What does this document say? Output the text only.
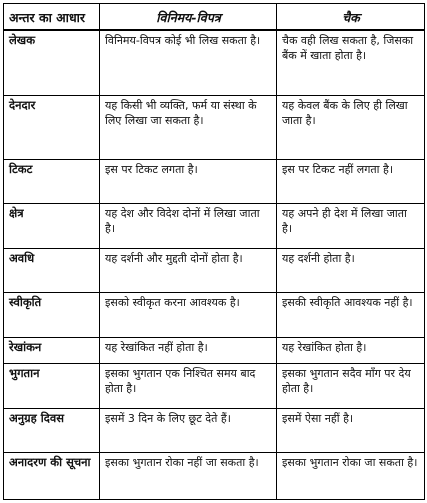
अन्तर का आधार	विनिमय-विपत्र	चैक
लेखक	विनिमय-विपत्र कोई भी लिख सकता है।	चैक वही लिख सकता है, जिसका बैंक में खाता होता है।
देनदार	यह किसी भी व्यक्ति, फर्म या संस्था के लिए लिखा जा सकता है।	यह केवल बैंक के लिए ही लिखा जाता है।
टिकट	इस पर टिकट लगता है।	इस पर टिकट नहीं लगता है।
क्षेत्र	यह देश और विदेश दोनों में लिखा जाता है।	यह अपने ही देश में लिखा जाता है।
अवधि	यह दर्शनी और मुद्दती दोनों होता है।	यह दर्शनी होता है।
स्वीकृति	इसको स्वीकृत करना आवश्यक है।	इसकी स्वीकृति आवश्यक नहीं है।
रेखांकन	यह रेखांकित नहीं होता है।	यह रेखांकित होता है।
भुगतान	इसका भुगतान एक निश्चित समय बाद होता है।	इसका भुगतान सदैव माँग पर देय होता है।
अनुग्रह दिवस	इसमें 3 दिन के लिए छूट देते हैं।	इसमें ऐसा नहीं है।
अनादरण की सूचना	इसका भुगतान रोका नहीं जा सकता है।	इसका भुगतान रोका जा सकता है।
